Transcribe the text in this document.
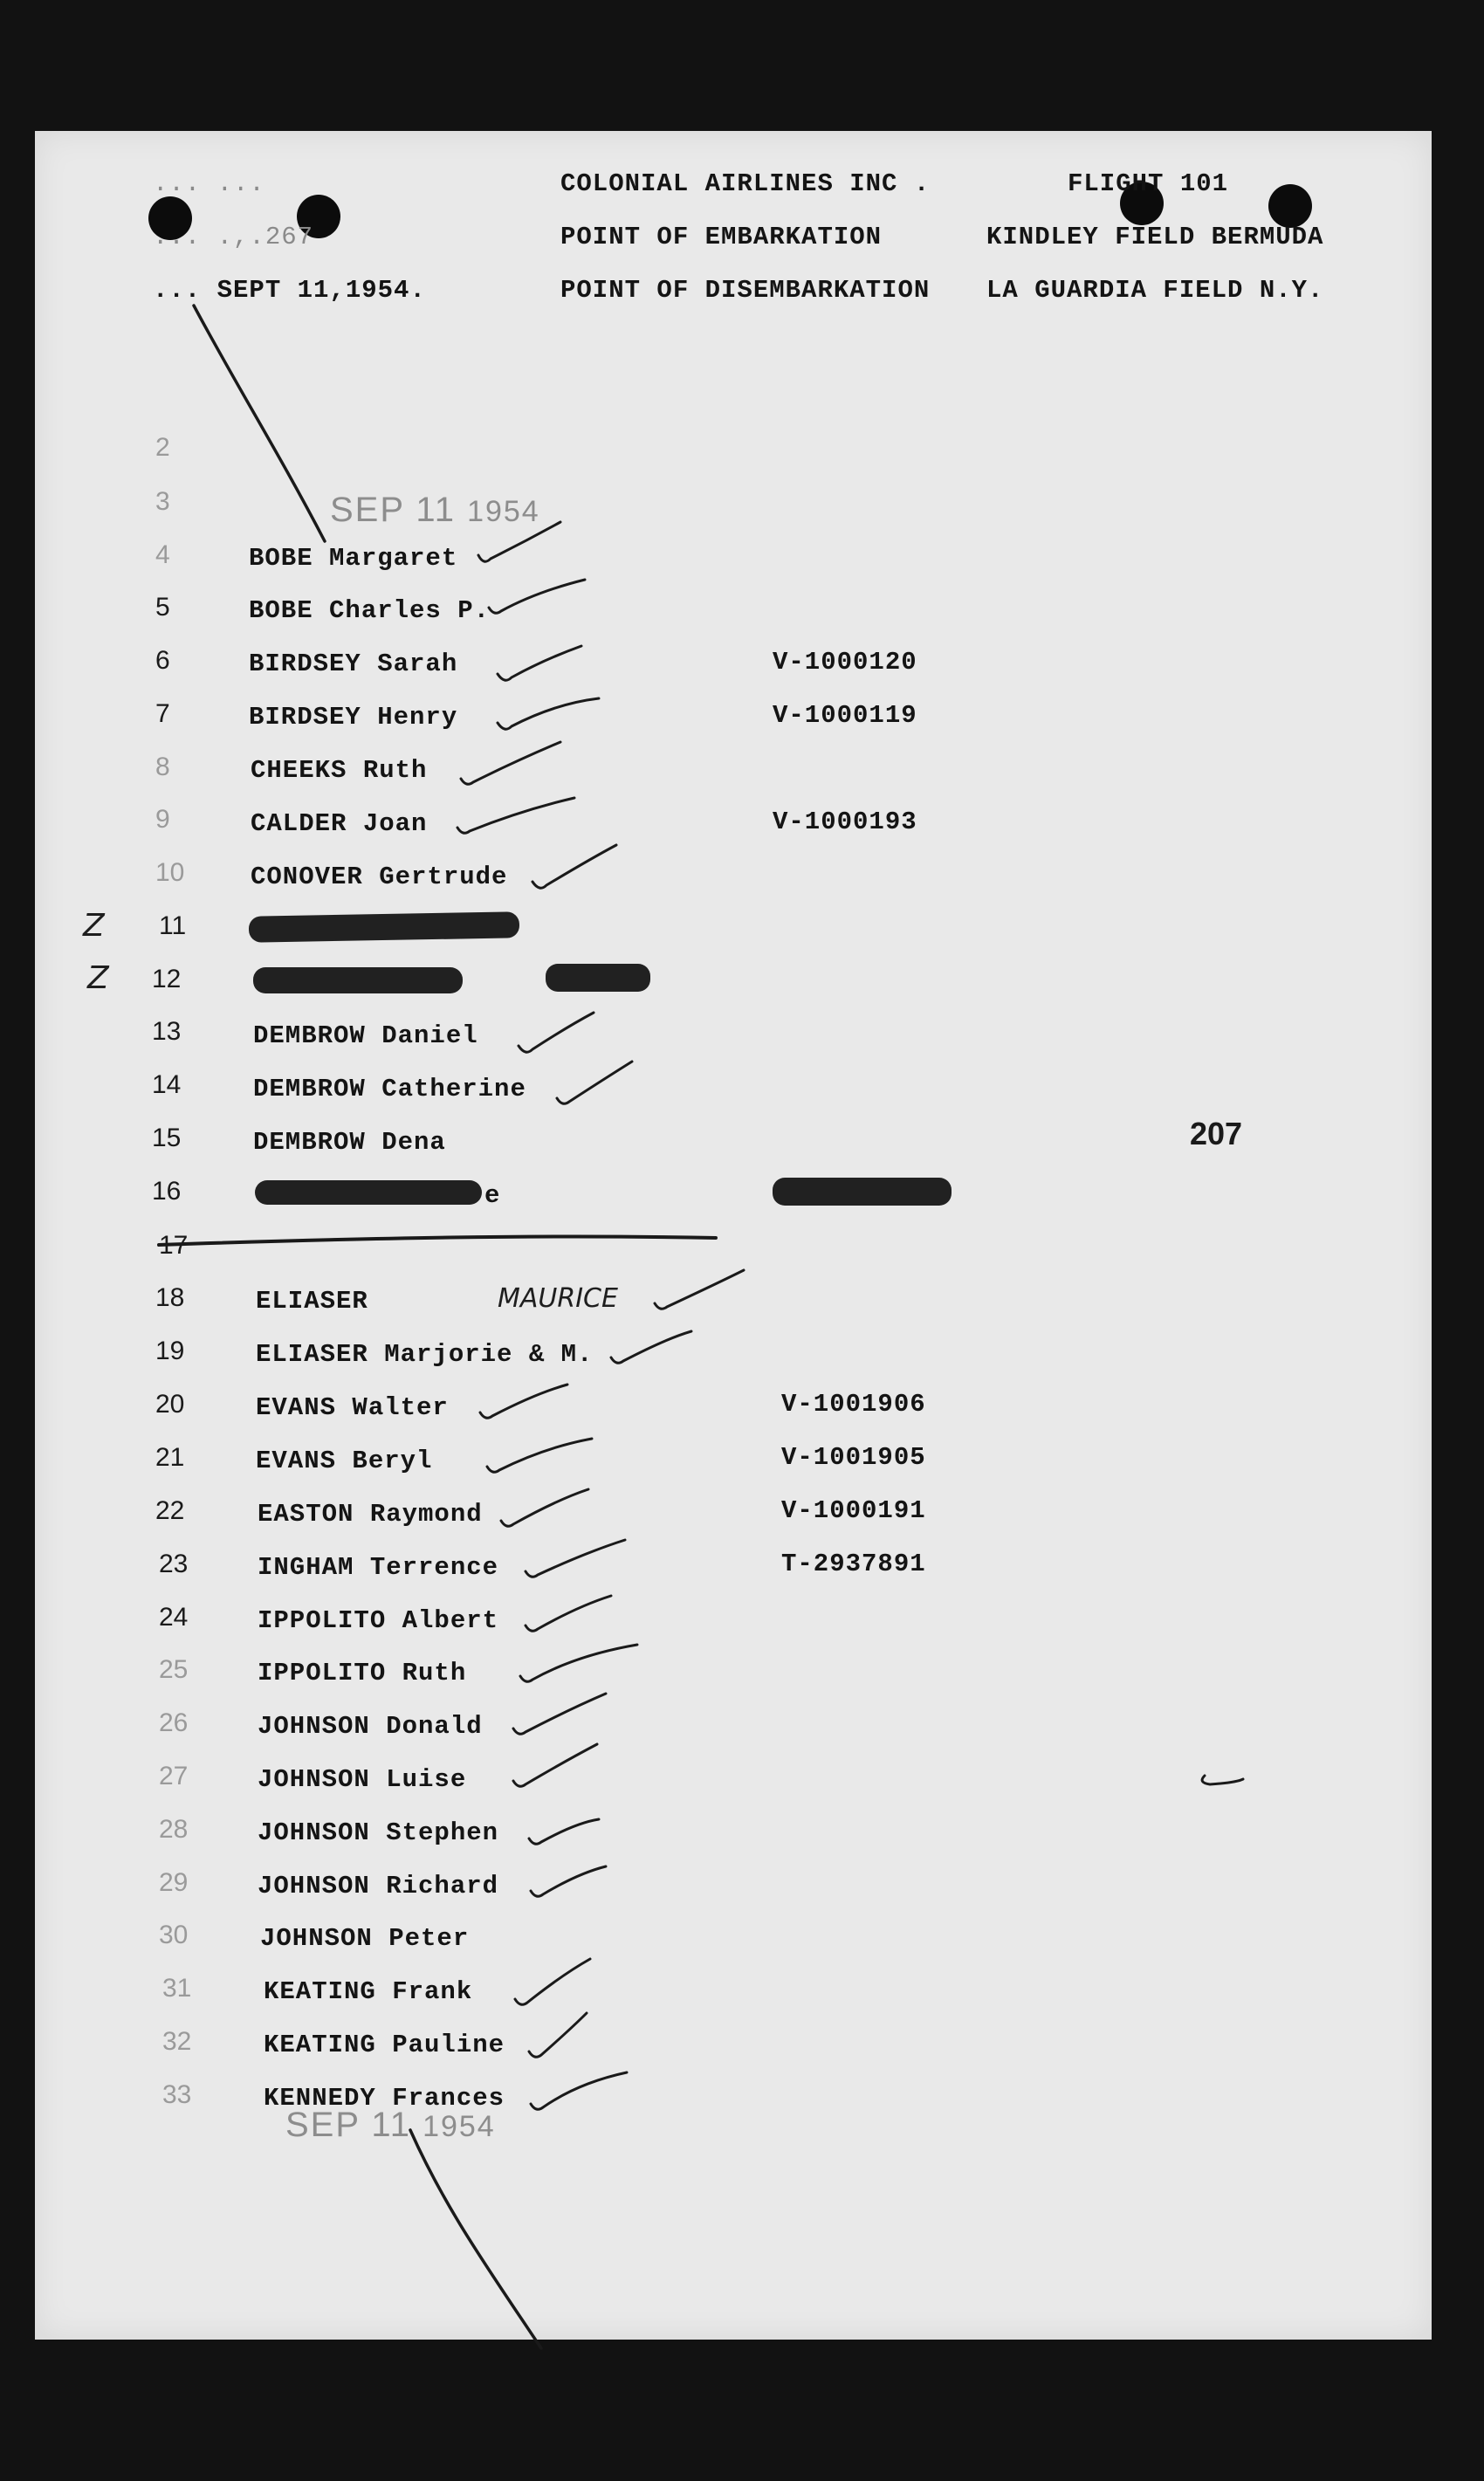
... ...
... .,.267
... SEPT 11,1954.
COLONIAL AIRLINES INC .
POINT OF EMBARKATION
POINT OF DISEMBARKATION
FLIGHT 101
KINDLEY FIELD BERMUDA
LA GUARDIA FIELD N.Y.
SEP 11 1954
SEP 11 1954
207
2
3
4
5
6
7
8
9
10
11
12
13
14
15
16
17
18
19
20
21
22
23
24
25
26
27
28
29
30
31
32
33
Z
Z
BOBE Margaret
BOBE Charles P.
BIRDSEY Sarah
BIRDSEY Henry
CHEEKS Ruth
CALDER Joan
CONOVER Gertrude
DEMBROW Daniel
DEMBROW Catherine
DEMBROW Dena
e
ELIASER
ELIASER Marjorie & M.
EVANS Walter
EVANS Beryl
EASTON Raymond
INGHAM Terrence
IPPOLITO Albert
IPPOLITO Ruth
JOHNSON Donald
JOHNSON Luise
JOHNSON Stephen
JOHNSON Richard
JOHNSON Peter
KEATING Frank
KEATING Pauline
KENNEDY Frances
MAURICE
V-1000120
V-1000119
V-1000193
V-1001906
V-1001905
V-1000191
T-2937891
